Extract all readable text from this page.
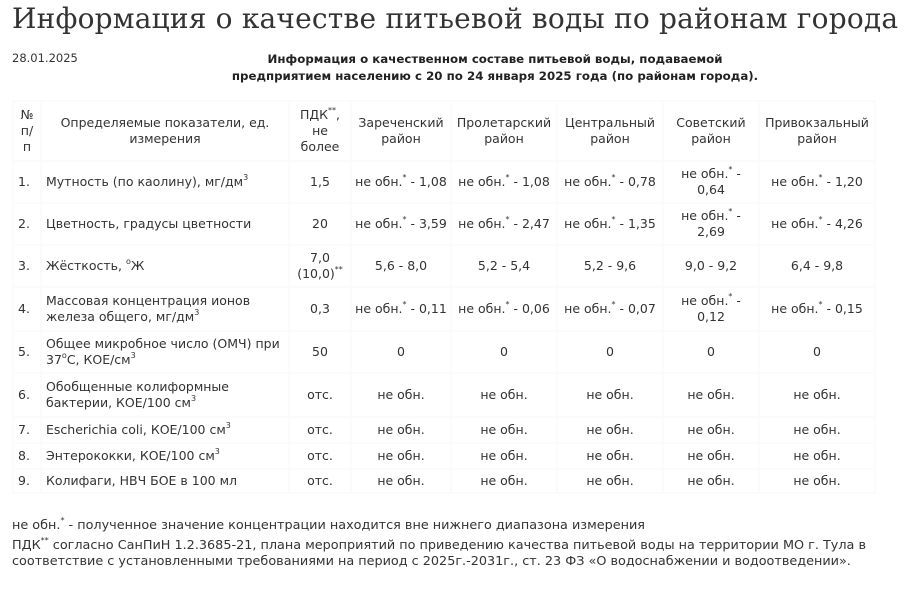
Информация о качестве питьевой воды по районам города
28.01.2025	Информация о качественном составе питьевой воды, подаваемой

предприятием населению с 20 по 24 января 2025 года (по районам города).
№ п/п	Определяемые показатели, ед. измерения	ПДК**, не более	Зареченский район	Пролетарский район	Центральный район	Советский район	Привокзальный район
1.	Мутность (по каолину), $мг/дм^3$	1,5	не обн.* - 1,08	не обн.* - 1,08	не обн.* - 0,78	не обн.* - 0,64	не обн.* - 1,20
2.	Цветность, градусы цветности	20	не обн.* - 3,59	не обн.* - 2,47	не обн.* - 1,35	не обн.* - 2,69	не обн.* - 4,26
3.	Жёсткость, $^о$Ж	7,0 (10,0)**	5,6 - 8,0	5,2 - 5,4	5,2 - 9,6	9,0 - 9,2	6,4 - 9,8
4.	Массовая концентрация ионов железа общего, $мг/дм^3$	0,3	не обн.* - 0,11	не обн.* - 0,06	не обн.* - 0,07	не обн.* - 0,12	не обн.* - 0,15
5.	Общее микробное число (ОМЧ) при $37^оС$, КОЕ/$см^3$	50	0	0	0	0	0
6.	Обобщенные колиформные бактерии, КОЕ/100 $см^3$	отс.	не обн.	не обн.	не обн.	не обн.	не обн.
7.	Escherichia coli, КОЕ/100 $см^3$	отс.	не обн.	не обн.	не обн.	не обн.	не обн.
8.	Энтерококки, КОЕ/100 $см^3$	отс.	не обн.	не обн.	не обн.	не обн.	не обн.
9.	Колифаги, НВЧ БОЕ в 100 мл	отс.	не обн.	не обн.	не обн.	не обн.	не обн.

не обн.* - полученное значение концентрации находится вне нижнего диапазона измерения

ПДК** согласно СанПиН 1.2.3685-21, плана мероприятий по приведению качества питьевой воды на территории МО г. Тула в соответствие с установленными требованиями на период с 2025г.-2031г., ст. 23 ФЗ «О водоснабжении и водоотведении».
